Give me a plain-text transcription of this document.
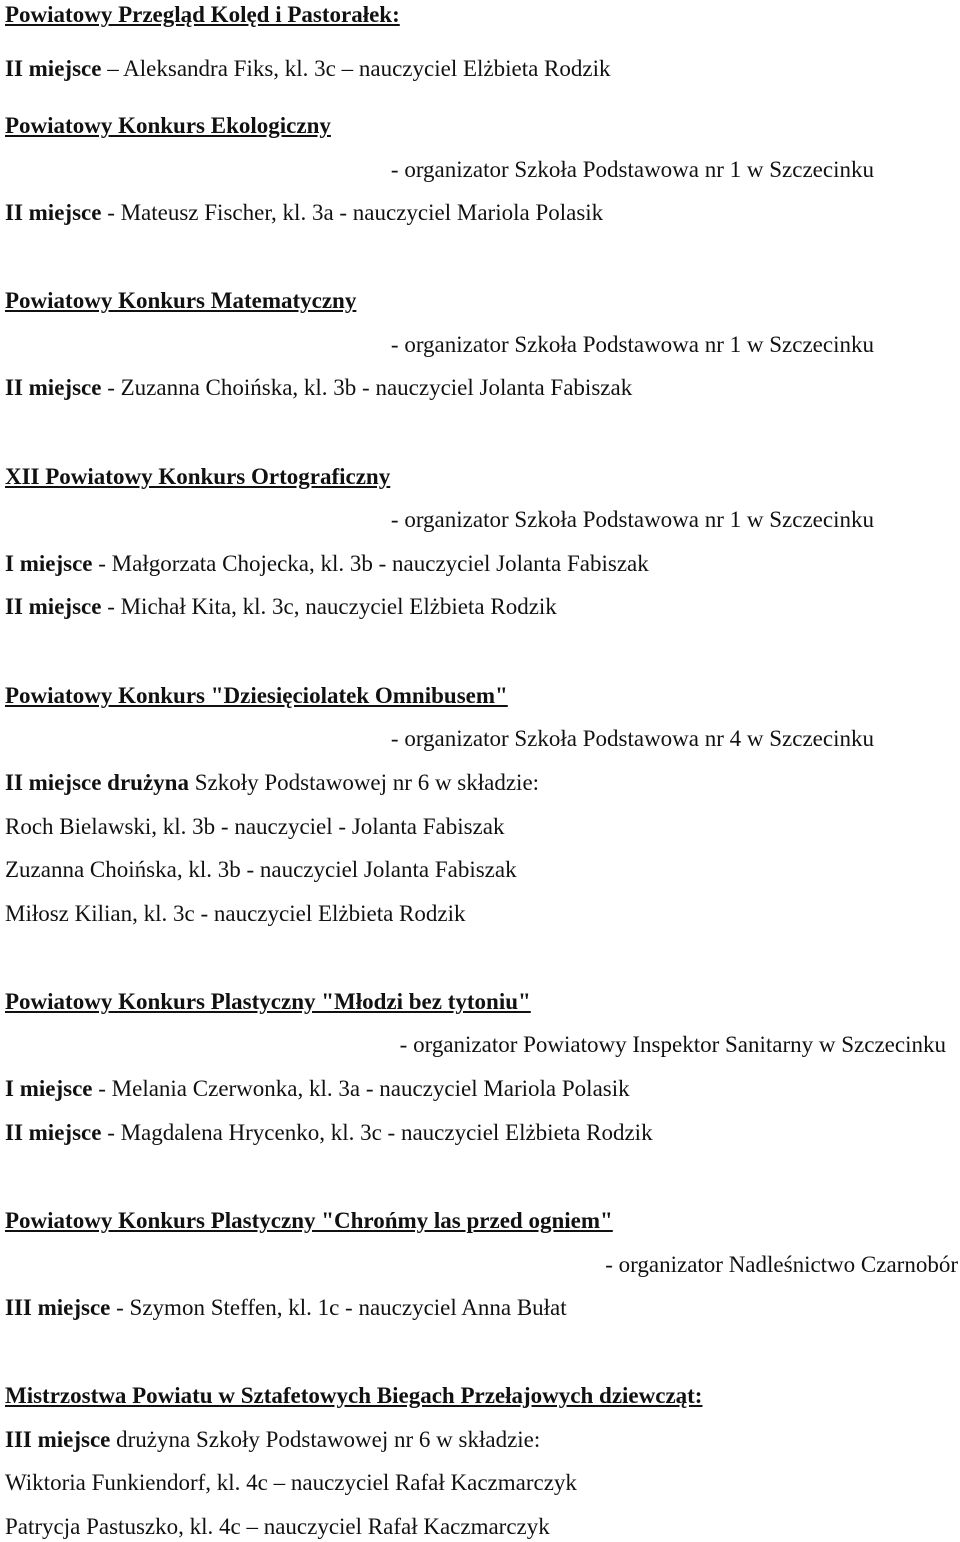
Powiatowy Przegląd Kolęd i Pastorałek:
II miejsce – Aleksandra Fiks, kl. 3c – nauczyciel Elżbieta Rodzik
Powiatowy Konkurs Ekologiczny
- organizator Szkoła Podstawowa nr 1 w Szczecinku
II miejsce - Mateusz Fischer, kl. 3a - nauczyciel Mariola Polasik
Powiatowy Konkurs Matematyczny
- organizator Szkoła Podstawowa nr 1 w Szczecinku
II miejsce - Zuzanna Choińska, kl. 3b - nauczyciel Jolanta Fabiszak
XII Powiatowy Konkurs Ortograficzny
- organizator Szkoła Podstawowa nr 1 w Szczecinku
I miejsce - Małgorzata Chojecka, kl. 3b - nauczyciel Jolanta Fabiszak
II miejsce - Michał Kita, kl. 3c, nauczyciel Elżbieta Rodzik
Powiatowy Konkurs "Dziesięciolatek Omnibusem"
- organizator Szkoła Podstawowa nr 4 w Szczecinku
II miejsce drużyna Szkoły Podstawowej nr 6 w składzie:
Roch Bielawski, kl. 3b - nauczyciel - Jolanta Fabiszak
Zuzanna Choińska, kl. 3b - nauczyciel Jolanta Fabiszak
Miłosz Kilian, kl. 3c - nauczyciel Elżbieta Rodzik
Powiatowy Konkurs Plastyczny "Młodzi bez tytoniu"
- organizator Powiatowy Inspektor Sanitarny w Szczecinku
I miejsce - Melania Czerwonka, kl. 3a - nauczyciel Mariola Polasik
II miejsce - Magdalena Hrycenko, kl. 3c - nauczyciel Elżbieta Rodzik
Powiatowy Konkurs Plastyczny "Chrońmy las przed ogniem"
- organizator Nadleśnictwo Czarnobór
III miejsce - Szymon Steffen, kl. 1c - nauczyciel Anna Bułat
Mistrzostwa Powiatu w Sztafetowych Biegach Przełajowych dziewcząt:
III miejsce drużyna Szkoły Podstawowej nr 6 w składzie:
Wiktoria Funkiendorf, kl. 4c – nauczyciel Rafał Kaczmarczyk
Patrycja Pastuszko, kl. 4c – nauczyciel Rafał Kaczmarczyk
